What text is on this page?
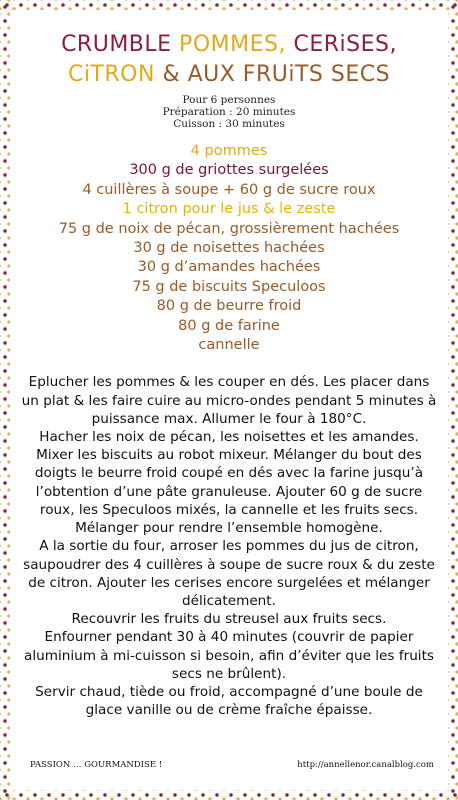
CRUMBLE POMMES, CERiSES,
CiTRON & AUX FRUiTS SECS
Pour 6 personnes
Préparation : 20 minutes
Cuisson : 30 minutes
4 pommes
300 g de griottes surgelées
4 cuillères à soupe + 60 g de sucre roux
1 citron pour le jus & le zeste
75 g de noix de pécan, grossièrement hachées
30 g de noisettes hachées
30 g d’amandes hachées
75 g de biscuits Speculoos
80 g de beurre froid
80 g de farine
cannelle

Eplucher les pommes & les couper en dés. Les placer dans un plat & les faire cuire au micro-ondes pendant 5 minutes à puissance max. Allumer le four à 180°C.

Hacher les noix de pécan, les noisettes et les amandes.

Mixer les biscuits au robot mixeur. Mélanger du bout des doigts le beurre froid coupé en dés avec la farine jusqu’à l’obtention d’une pâte granuleuse. Ajouter 60 g de sucre roux, les Speculoos mixés, la cannelle et les fruits secs. Mélanger pour rendre l’ensemble homogène.

A la sortie du four, arroser les pommes du jus de citron, saupoudrer des 4 cuillères à soupe de sucre roux & du zeste de citron. Ajouter les cerises encore surgelées et mélanger délicatement.

Recouvrir les fruits du streusel aux fruits secs.

Enfourner pendant 30 à 40 minutes (couvrir de papier aluminium à mi-cuisson si besoin, afin d’éviter que les fruits secs ne brûlent).

Servir chaud, tiède ou froid, accompagné d’une boule de glace vanille ou de crème fraîche épaisse.

PASSION … GOURMANDISE !	http://annellenor.canalblog.com
